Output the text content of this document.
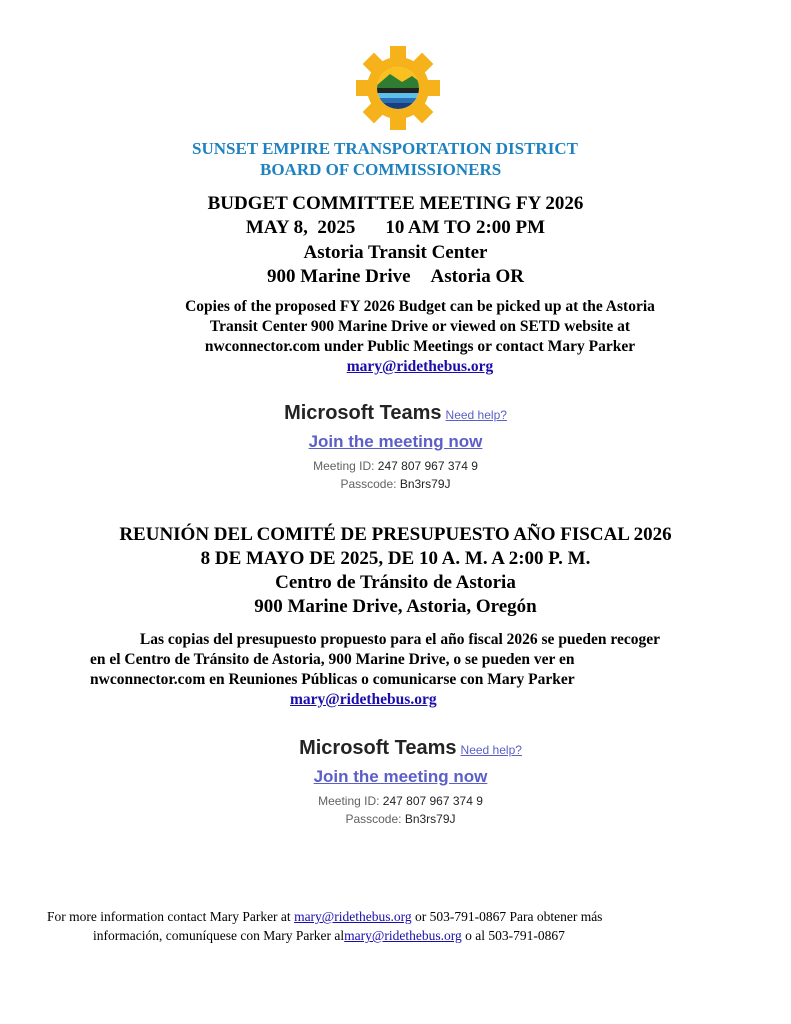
SUNSET EMPIRE TRANSPORTATION DISTRICT
BOARD OF COMMISSIONERS
BUDGET COMMITTEE MEETING FY 2026
MAY 8,  2025 10 AM TO 2:00 PM
Astoria Transit Center
900 Marine Drive Astoria OR
Copies of the proposed FY 2026 Budget can be picked up at the Astoria
Transit Center 900 Marine Drive or viewed on SETD website at
nwconnector.com under Public Meetings or contact Mary Parker
mary@ridethebus.org
Microsoft Teams Need help?
Join the meeting now
Meeting ID: 247 807 967 374 9
Passcode: Bn3rs79J
REUNIÓN DEL COMITÉ DE PRESUPUESTO AÑO FISCAL 2026
8 DE MAYO DE 2025, DE 10 A. M. A 2:00 P. M.
Centro de Tránsito de Astoria
900 Marine Drive, Astoria, Oregón
Las copias del presupuesto propuesto para el año fiscal 2026 se pueden recoger
en el Centro de Tránsito de Astoria, 900 Marine Drive, o se pueden ver en
nwconnector.com en Reuniones Públicas o comunicarse con Mary Parker
mary@ridethebus.org
Microsoft Teams Need help?
Join the meeting now
Meeting ID: 247 807 967 374 9
Passcode: Bn3rs79J
For more information contact Mary Parker at mary@ridethebus.org or 503-791-0867 Para obtener más
información, comuníquese con Mary Parker almary@ridethebus.org o al 503-791-0867
